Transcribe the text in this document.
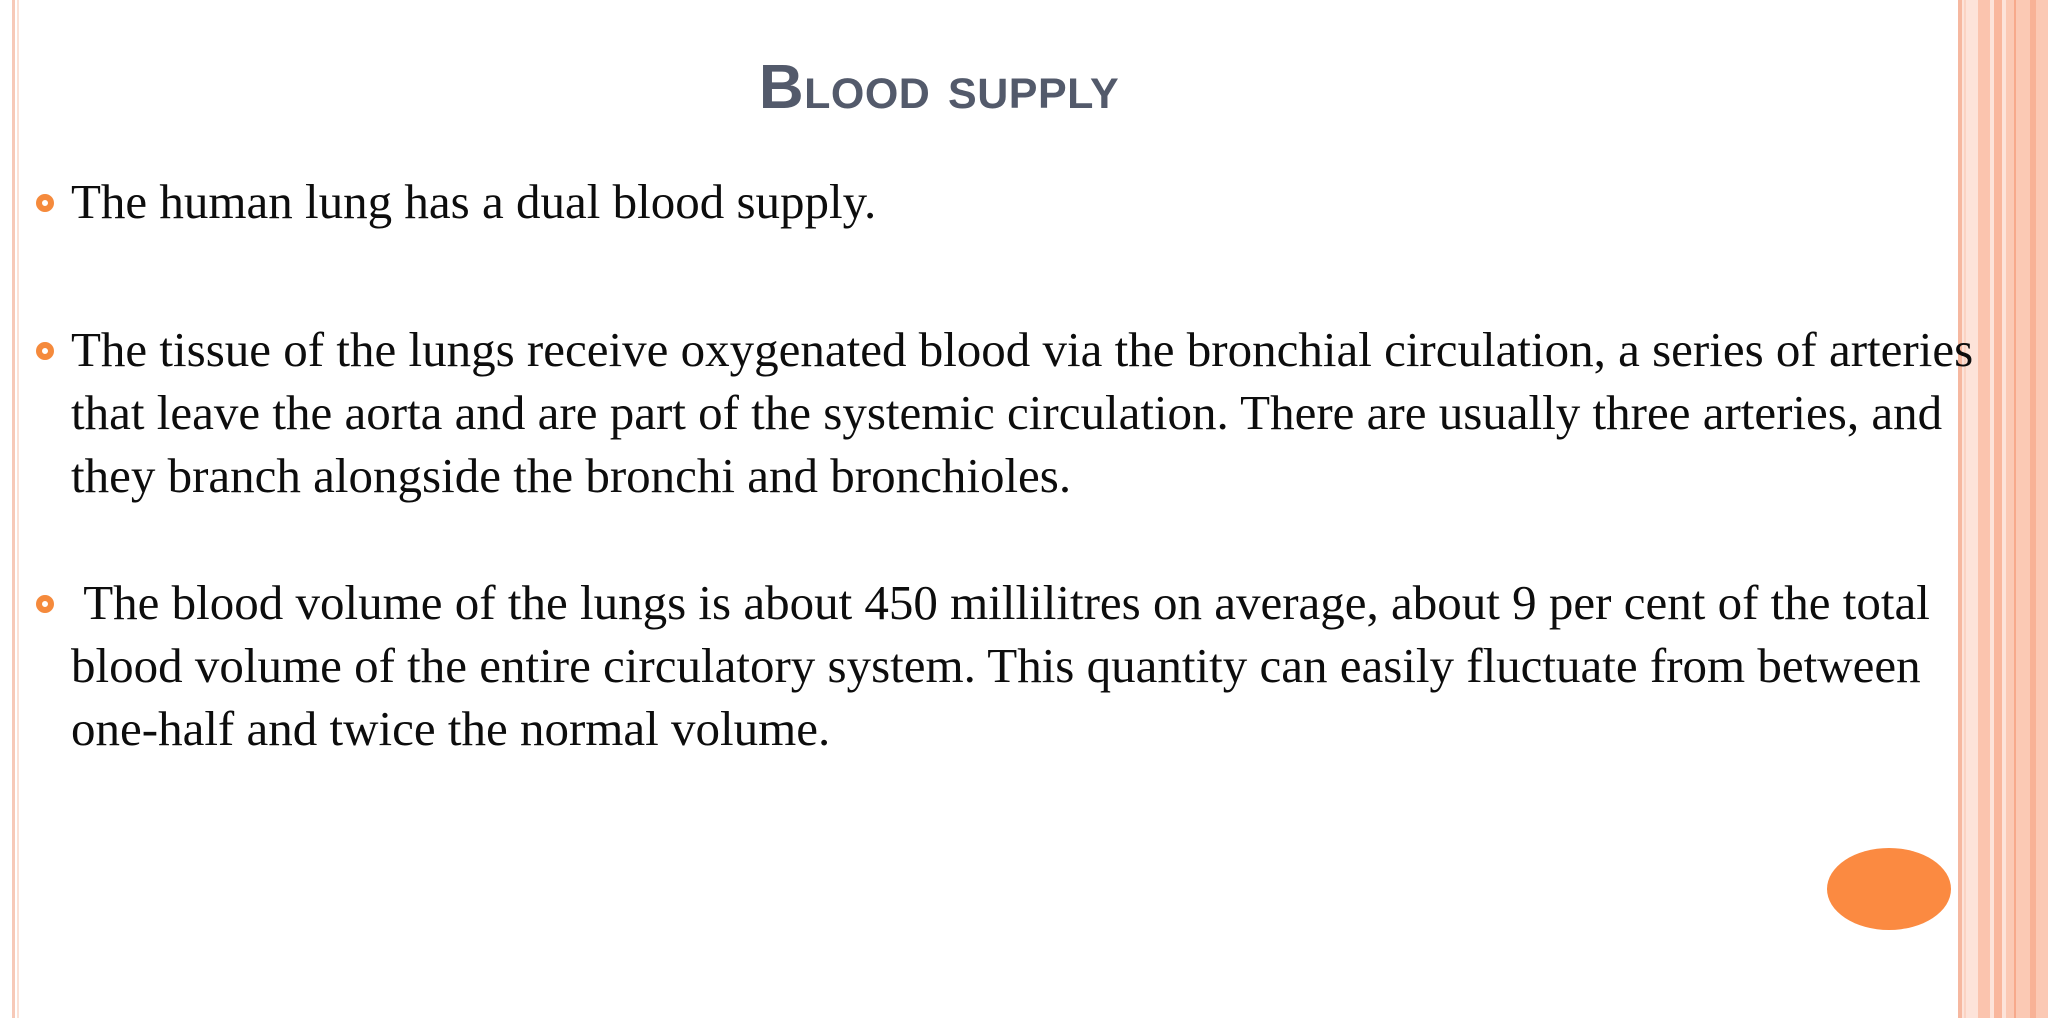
Blood supply
The human lung has a dual blood supply.
The tissue of the lungs receive oxygenated blood via the bronchial circulation, a series of arteries that leave the aorta and are part of the systemic circulation. There are usually three arteries, and they branch alongside the bronchi and bronchioles.
The blood volume of the lungs is about 450 millilitres on average, about 9 per cent of the total blood volume of the entire circulatory system. This quantity can easily fluctuate from between one-half and twice the normal volume.
